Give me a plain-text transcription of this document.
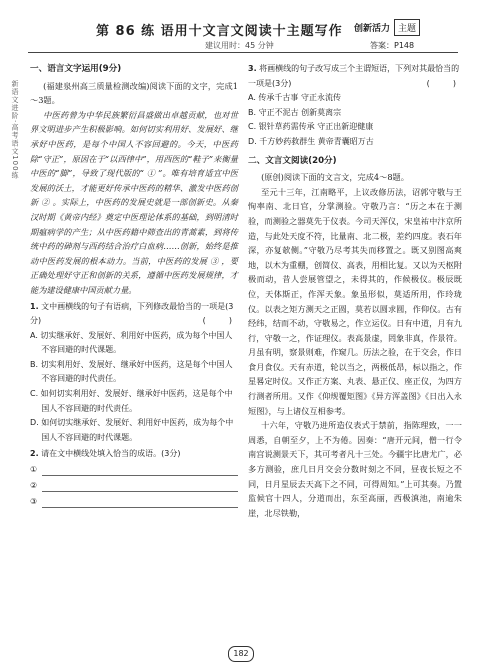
新语文进阶·高考语文100练
第 86 练 语用十文言文阅读十主题写作
建议用时：45 分钟
创新活力 主题
答案：P148
一、语言文字运用(9分)

(福建泉州高三质量检测改编)阅读下面的文字，完成1～3题。

中医药曾为中华民族繁衍昌盛做出卓越贡献，也对世界文明进步产生积极影响。如何切实利用好、发展好、继承好中医药，是每个中国人不容回避的。今天，中医药除“守正”，原因在于“以西律中”，用西医的“鞋子”来衡量中医的“脚”，导致了现代版的“ ① ”。唯有培育适宜中医发展的沃土，才能更好传承中医药的精华、激发中医药创新 ② 。实际上，中医药的发展史就是一部创新史。从秦汉时期《黄帝内经》奠定中医理论体系的基础，到明清时期瘟病学的产生；从中医药籍中筛查出的青蒿素，到将传统中药的砷剂与西药结合治疗白血病……创新，始终是推动中医药发展的根本动力。当前，中医药的发展 ③ ，要正确处理好守正和创新的关系，遵循中医药发展规律，才能为建设健康中国贡献力量。

1. 文中画横线的句子有语病，下列修改最恰当的一项是(3分)	(  )

A. 切实继承好、发展好、利用好中医药，成为每个中国人不容回避的时代课题。

B. 切实利用好、发展好、继承好中医药，这是每个中国人不容回避的时代责任。

C. 如何切实利用好、发展好、继承好中医药，这是每个中国人不容回避的时代责任。

D. 如何切实继承好、发展好、利用好中医药，成为每个中国人不容回避的时代课题。

2. 请在文中横线处填入恰当的成语。(3分)
①
②
③
3. 将画横线的句子改写成三个主谓短语，下列对其最恰当的一项是(3分)	(  )

A. 传承千古事 守正永流传

B. 守正不泥古 创新莫离宗

C. 银针草药需传承 守正出新迎健康

D. 千方妙药救群生 黄帝青囊昭万古

二、文言文阅读(20分)

(原创)阅读下面的文言文，完成4～8题。

至元十三年，江南略平，上议改修历法，诏郭守敬与王恂率南、北日官，分掌测验。守敬乃言：“历之本在于测验，而测验之器莫先于仪表。今司天浑仪，宋皇祐中汴京所造，与此处天度不符，比量南、北二极，差约四度。表石年深，亦复欹侧。”守敬乃尽考其失而移置之。既又别图高爽地，以木为重棚，创简仪、高表，用相比复。又以为天枢附极而动，昔人尝展管望之，未得其的，作候极仪。极辰既位，天体斯正，作浑天象。象虽形似，莫适所用，作玲珑仪。以表之矩方测天之正圆，莫若以圆求圆，作仰仪。古有经纬，结而不动，守敬易之，作立运仪。日有中道，月有九行，守敬一之，作证理仪。表高景虚，罔象非真，作景符。月虽有明，察景则难，作窥几。历法之验，在于交会，作日食月食仪。天有赤道，轮以当之，两极低昂，标以指之，作星晷定时仪。又作正方案、丸表、悬正仪、座正仪，为四方行测者所用。又作《仰规覆矩图》《异方浑盖图》《日出入永短图》，与上诸仪互相参考。

十六年，守敬乃进所造仪表式于禁前，指陈理致，一一周悉，自朝至夕，上不为倦。因奏：“唐开元间，僧一行令南宫说测景天下，其可考者凡十三处。今疆宇比唐尤广，必多方测验，庶几日月交会分数时刻之不同，昼夜长短之不同，日月星辰去天高下之不同，可得周知。”上可其奏。乃置监候官十四人，分道而出，东至高丽，西极滇池，南逾朱崖，北尽铁勒，

182
